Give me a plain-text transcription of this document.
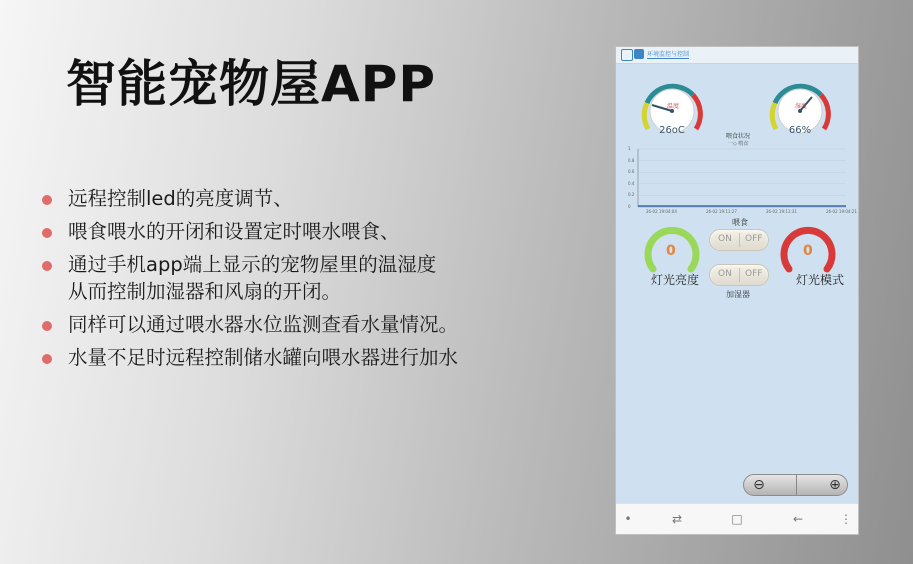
智能宠物屋APP
远程控制led的亮度调节、
喂食喂水的开闭和设置定时喂水喂食、
通过手机app端上显示的宠物屋里的温湿度
从而控制加湿器和风扇的开闭。
同样可以通过喂水器水位监测查看水量情况。
水量不足时远程控制储水罐向喂水器进行加水
环境监控与控制
温度
26oC
湿度
66%
喂食状况
一◇ 喂食
喂食
ON OFF
ON OFF
加湿器
0
灯光亮度
0
灯光模式
⊖	⊕
•	⇄	□	←	⋮
1
0.8
0.6
0.4
0.2
0
26-02 19:04:04	26-02 19:11:27	26-02 19:11:31	26-02 19:04:21
